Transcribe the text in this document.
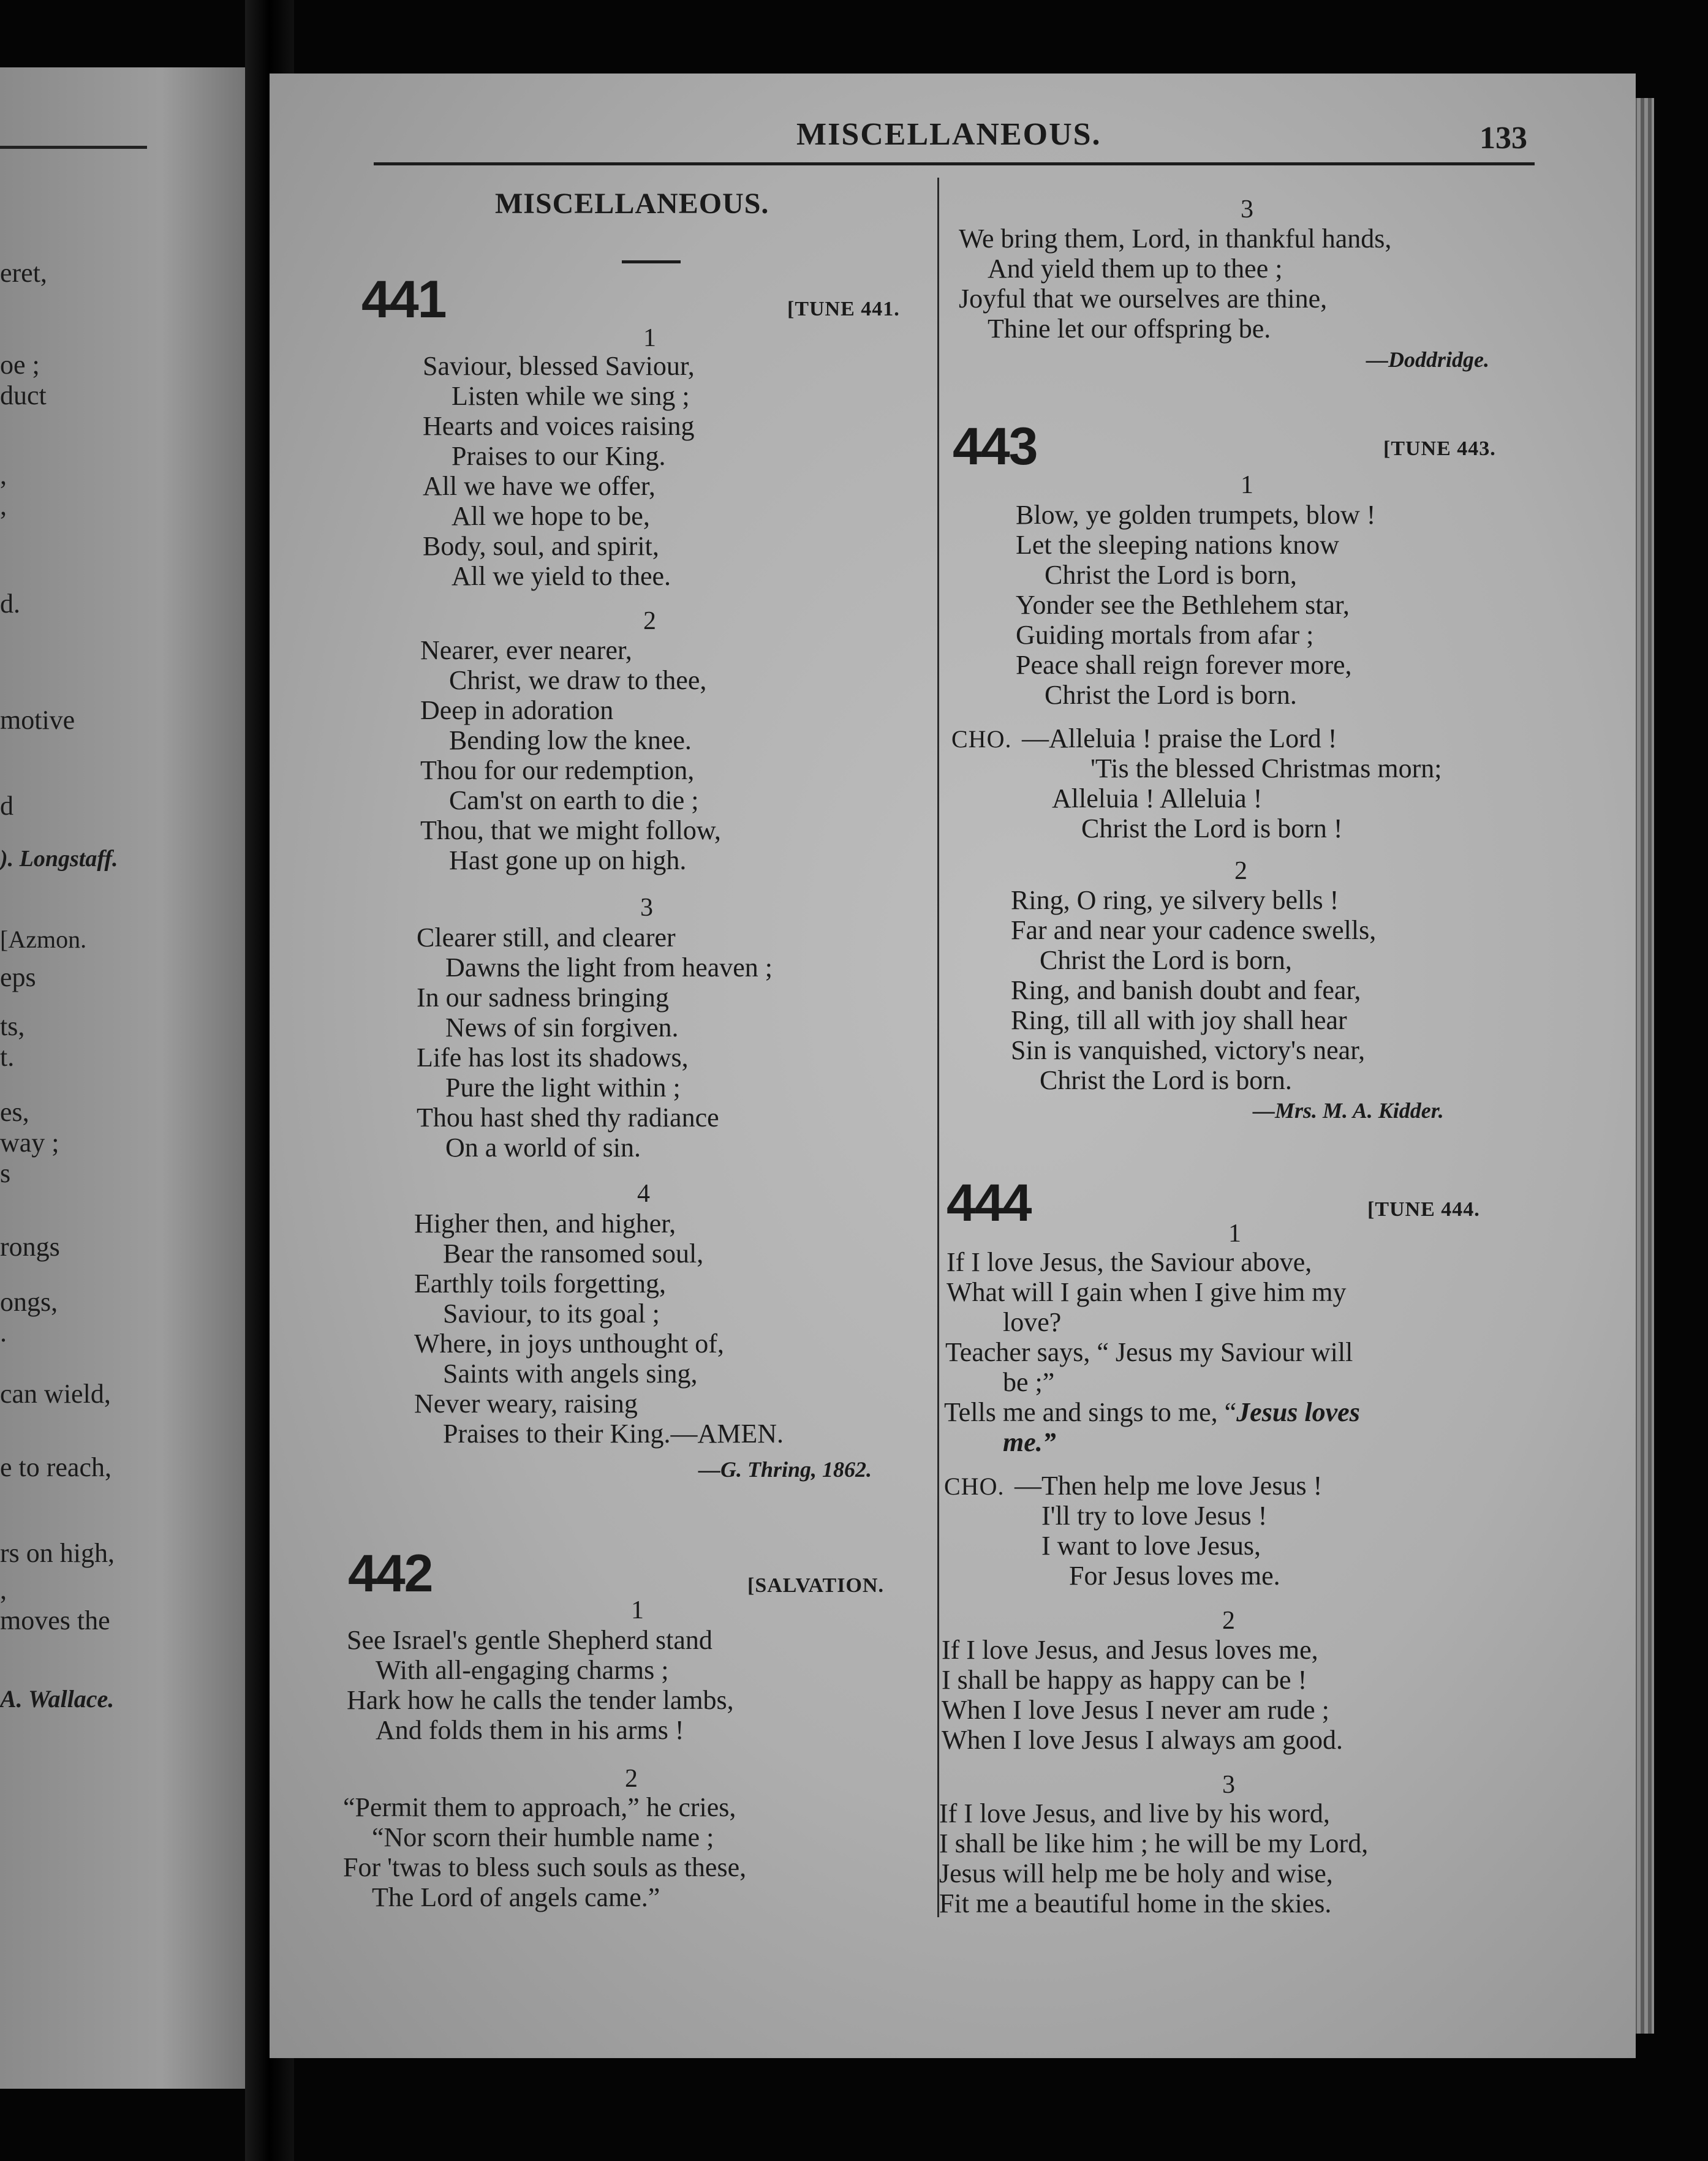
eret,
oe ;
duct
,
,
d.
motive
d
). Longstaff.
[Azmon.
eps
ts,
t.
es,
way ;
s
rongs
ongs,
.
can wield,
e to reach,
rs on high,
,
moves the
A. Wallace.
MISCELLANEOUS.	133
MISCELLANEOUS.
441	[TUNE 441.
1
Saviour, blessed Saviour,
Listen while we sing ;
Hearts and voices raising
Praises to our King.
All we have we offer,
All we hope to be,
Body, soul, and spirit,
All we yield to thee.
2
Nearer, ever nearer,
Christ, we draw to thee,
Deep in adoration
Bending low the knee.
Thou for our redemption,
Cam'st on earth to die ;
Thou, that we might follow,
Hast gone up on high.
3
Clearer still, and clearer
Dawns the light from heaven ;
In our sadness bringing
News of sin forgiven.
Life has lost its shadows,
Pure the light within ;
Thou hast shed thy radiance
On a world of sin.
4
Higher then, and higher,
Bear the ransomed soul,
Earthly toils forgetting,
Saviour, to its goal ;
Where, in joys unthought of,
Saints with angels sing,
Never weary, raising
Praises to their King.—AMEN.
—G. Thring, 1862.
442	[SALVATION.
1
See Israel's gentle Shepherd stand
With all-engaging charms ;
Hark how he calls the tender lambs,
And folds them in his arms !
2
“Permit them to approach,” he cries,
“Nor scorn their humble name ;
For 'twas to bless such souls as these,
The Lord of angels came.”
3
We bring them, Lord, in thankful hands,
And yield them up to thee ;
Joyful that we ourselves are thine,
Thine let our offspring be.
—Doddridge.
443	[TUNE 443.
1
Blow, ye golden trumpets, blow !
Let the sleeping nations know
Christ the Lord is born,
Yonder see the Bethlehem star,
Guiding mortals from afar ;
Peace shall reign forever more,
Christ the Lord is born.
CHO. —Alleluia ! praise the Lord !
'Tis the blessed Christmas morn;
Alleluia ! Alleluia !
Christ the Lord is born !
2
Ring, O ring, ye silvery bells !
Far and near your cadence swells,
Christ the Lord is born,
Ring, and banish doubt and fear,
Ring, till all with joy shall hear
Sin is vanquished, victory's near,
Christ the Lord is born.
—Mrs. M. A. Kidder.
444	[TUNE 444.
1
If I love Jesus, the Saviour above,
What will I gain when I give him my
love?
Teacher says, “ Jesus my Saviour will
be ;”
Tells me and sings to me, “Jesus loves
me.”
CHO. —Then help me love Jesus !
I'll try to love Jesus !
I want to love Jesus,
For Jesus loves me.
2
If I love Jesus, and Jesus loves me,
I shall be happy as happy can be !
When I love Jesus I never am rude ;
When I love Jesus I always am good.
3
If I love Jesus, and live by his word,
I shall be like him ; he will be my Lord,
Jesus will help me be holy and wise,
Fit me a beautiful home in the skies.
